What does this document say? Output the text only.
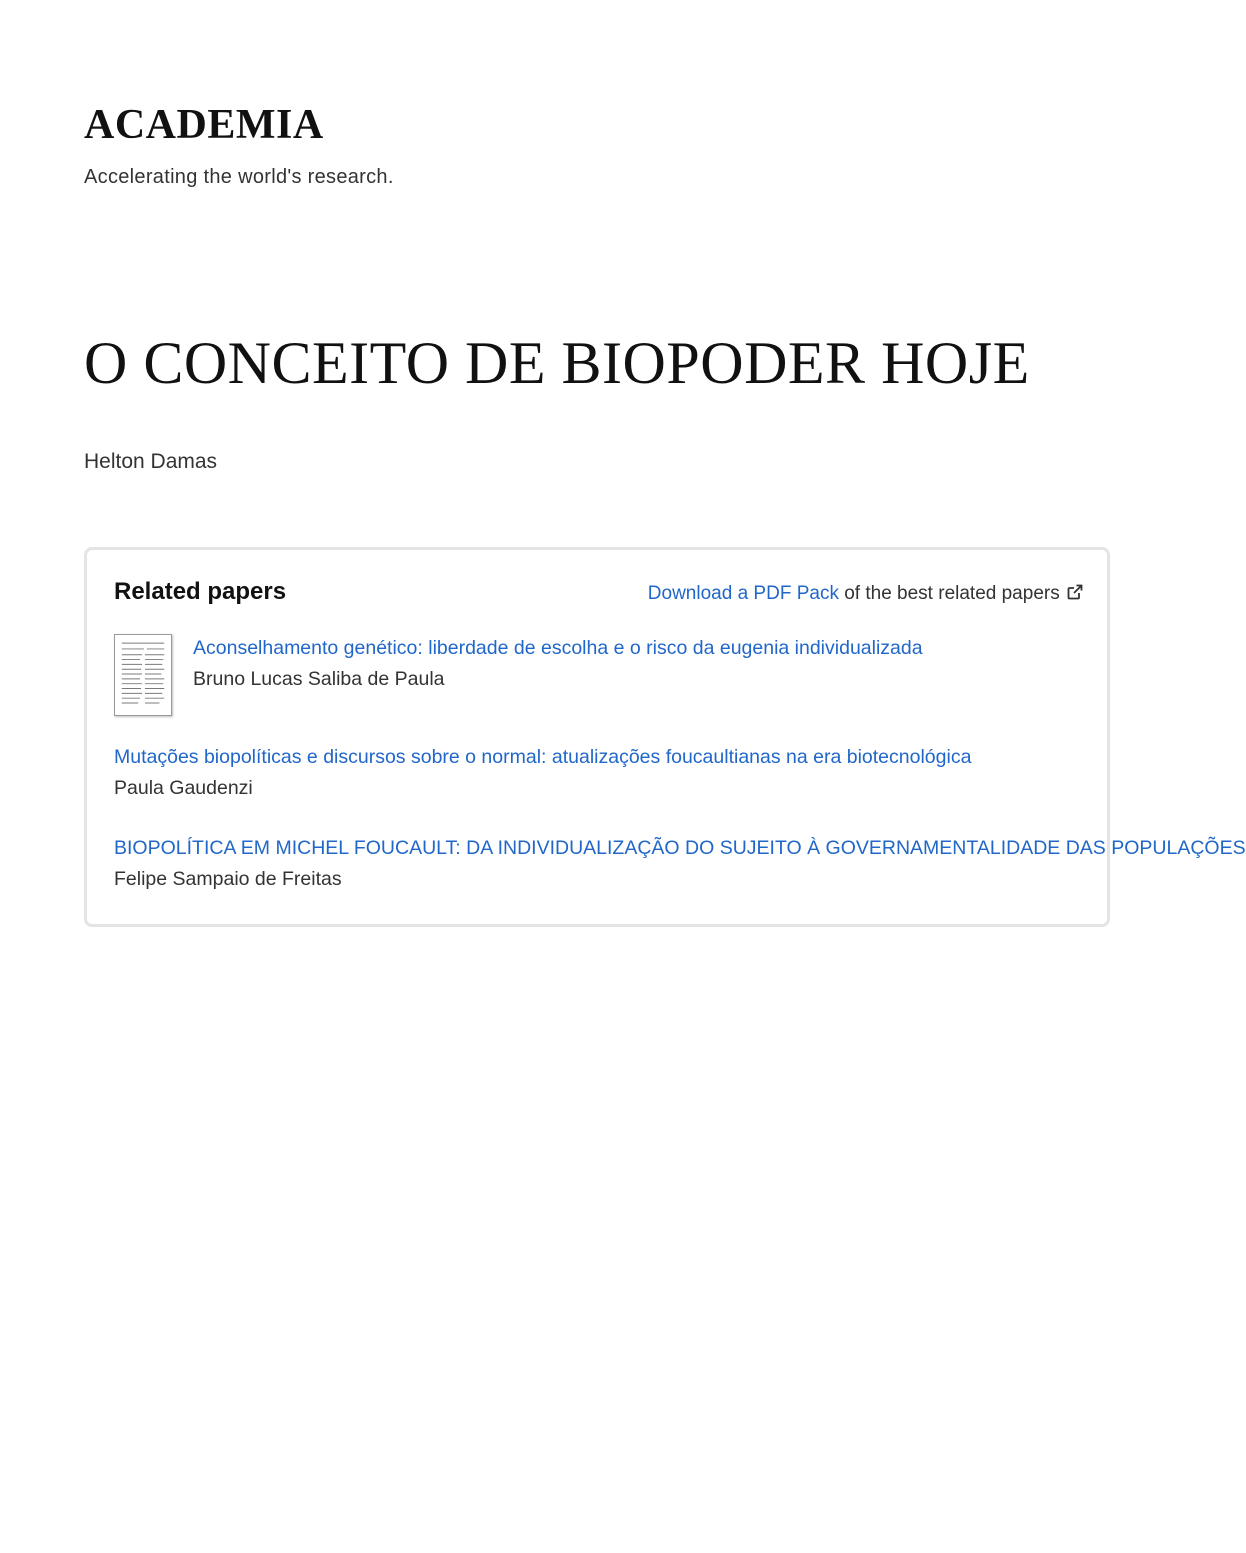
ACADEMIA
Accelerating the world's research.
O CONCEITO DE BIOPODER HOJE
Helton Damas
Related papers	Download a PDF Pack of the best related papers
Aconselhamento genético: liberdade de escolha e o risco da eugenia individualizada
Bruno Lucas Saliba de Paula
Mutações biopolíticas e discursos sobre o normal: atualizações foucaultianas na era biotecnológica
Paula Gaudenzi
BIOPOLÍTICA EM MICHEL FOUCAULT: DA INDIVIDUALIZAÇÃO DO SUJEITO À GOVERNAMENTALIDADE DAS POPULAÇÕES
Felipe Sampaio de Freitas
